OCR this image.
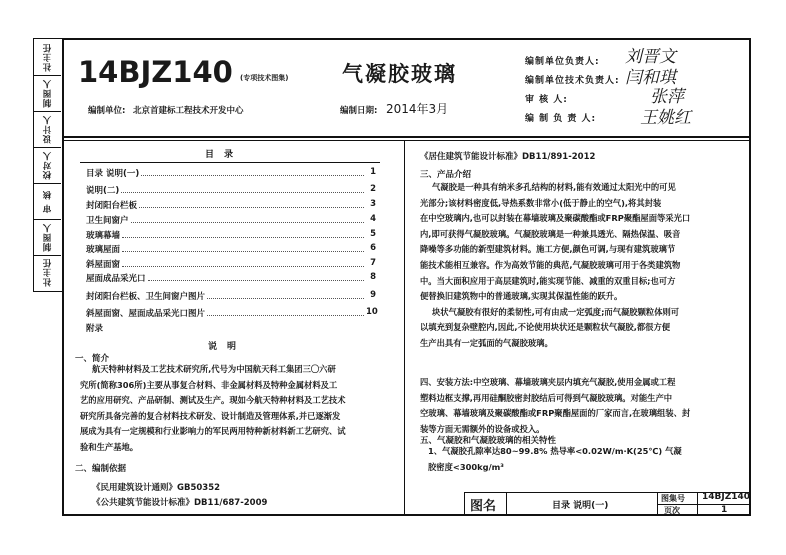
社主任
制图人
设计人
校对人
审 核
制图人
社主任
14BJZ140 (专项技术图集)	气凝胶玻璃
编制单位: 北京首建标工程技术开发中心	编制日期: 2014年3月
编制单位负责人: 刘晋文
编制单位技术负责人: 闫和琪
审 核 人:	张萍
编 制 负 责 人:	王姚红
目录
目录 说明(一)	1
说明(二)	2
封闭阳台栏板	3
卫生间窗户	4
玻璃幕墙	5
玻璃屋面	6
斜屋面窗	7
屋面成品采光口	8
封闭阳台栏板、卫生间窗户图片	9
斜屋面窗、屋面成品采光口图片	10
附录
说明
一、简介
航天特种材料及工艺技术研究所,代号为中国航天科工集团三〇六研
究所(简称306所)主要从事复合材料、非金属材料及特种金属材料及工
艺的应用研究、产品研制、测试及生产。现如今航天特种材料及工艺技术
研究所具备完善的复合材料技术研发、设计制造及管理体系,并已逐渐发
展成为具有一定规模和行业影响力的军民两用特种新材料新工艺研究、试
验和生产基地。
二、编制依据
《民用建筑设计通则》GB50352
《公共建筑节能设计标准》DB11/687-2009
《居住建筑节能设计标准》DB11/891-2012
三、产品介绍
气凝胶是一种具有纳米多孔结构的材料,能有效通过太阳光中的可见
光部分;该材料密度低,导热系数非常小(低于静止的空气),将其封装
在中空玻璃内,也可以封装在幕墙玻璃及聚碳酸酯或FRP聚酯屋面等采光口
内,即可获得气凝胶玻璃。气凝胶玻璃是一种兼具透光、隔热保温、吸音
降噪等多功能的新型建筑材料。施工方便,颜色可调,与现有建筑玻璃节
能技术能相互兼容。作为高效节能的典范,气凝胶玻璃可用于各类建筑物
中。当大面积应用于高层建筑时,能实现节能、减重的双重目标;也可方
便替换旧建筑物中的普通玻璃,实现其保温性能的跃升。
块状气凝胶有很好的柔韧性,可有由成一定弧度;而气凝胶颗粒体则可
以填充到复杂壁腔内,因此,不论使用块状还是颗粒状气凝胶,都很方便
生产出具有一定弧面的气凝胶玻璃。
四、安装方法:中空玻璃、幕墙玻璃夹层内填充气凝胶,使用金属或工程
塑料边框支撑,再用硅酮胶密封胶结后可得到气凝胶玻璃。对能生产中
空玻璃、幕墙玻璃及聚碳酸酯或FRP聚酯屋面的厂家而言,在玻璃组装、封
装等方面无需额外的设备或投入。
五、气凝胶和气凝胶玻璃的相关特性
1、气凝胶孔隙率达80~99.8% 热导率<0.02W/m·K(25℃) 气凝
胶密度<300kg/m³
图名	目录 说明(一)
图集号 14BJZ140
页次	1
